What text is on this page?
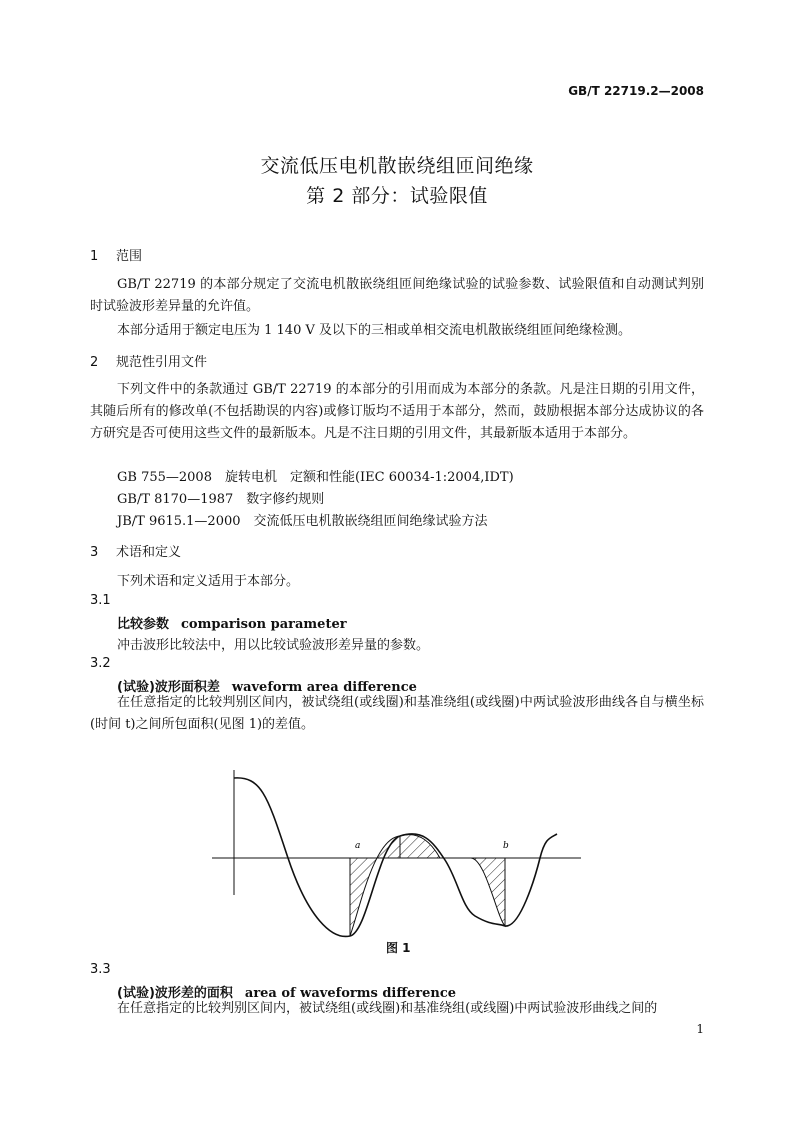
GB/T 22719.2—2008
交流低压电机散嵌绕组匝间绝缘
第 2 部分：试验限值
1 范围
GB/T 22719 的本部分规定了交流电机散嵌绕组匝间绝缘试验的试验参数、试验限值和自动测试判别时试验波形差异量的允许值。
本部分适用于额定电压为 1 140 V 及以下的三相或单相交流电机散嵌绕组匝间绝缘检测。
2 规范性引用文件
下列文件中的条款通过 GB/T 22719 的本部分的引用而成为本部分的条款。凡是注日期的引用文件，其随后所有的修改单(不包括勘误的内容)或修订版均不适用于本部分，然而，鼓励根据本部分达成协议的各方研究是否可使用这些文件的最新版本。凡是不注日期的引用文件，其最新版本适用于本部分。
GB 755—2008　旋转电机　定额和性能(IEC 60034-1:2004,IDT)
GB/T 8170—1987　数字修约规则
JB/T 9615.1—2000　交流低压电机散嵌绕组匝间绝缘试验方法
3 术语和定义
下列术语和定义适用于本部分。
3.1
比较参数 comparison parameter
冲击波形比较法中，用以比较试验波形差异量的参数。
3.2
(试验)波形面积差 waveform area difference
在任意指定的比较判别区间内，被试绕组(或线圈)和基准绕组(或线圈)中两试验波形曲线各自与横坐标(时间 t)之间所包面积(见图 1)的差值。
a	b
图 1
3.3
(试验)波形差的面积 area of waveforms difference
在任意指定的比较判别区间内，被试绕组(或线圈)和基准绕组(或线圈)中两试验波形曲线之间的
1
